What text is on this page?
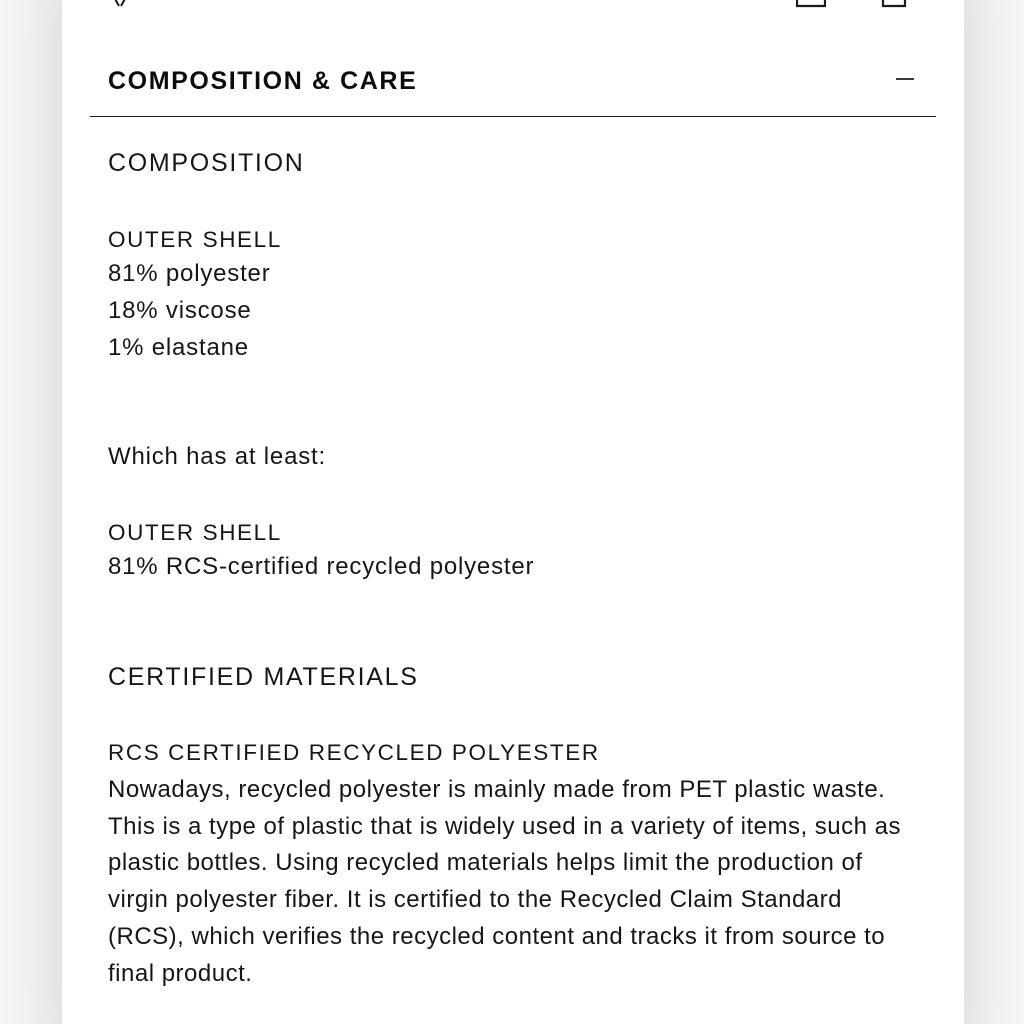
COMPOSITION & CARE
COMPOSITION
OUTER SHELL
81% polyester
18% viscose
1% elastane
Which has at least:
OUTER SHELL
81% RCS-certified recycled polyester
CERTIFIED MATERIALS
RCS CERTIFIED RECYCLED POLYESTER
Nowadays, recycled polyester is mainly made from PET plastic waste. This is a type of plastic that is widely used in a variety of items, such as plastic bottles. Using recycled materials helps limit the production of virgin polyester fiber. It is certified to the Recycled Claim Standard (RCS), which verifies the recycled content and tracks it from source to final product.
